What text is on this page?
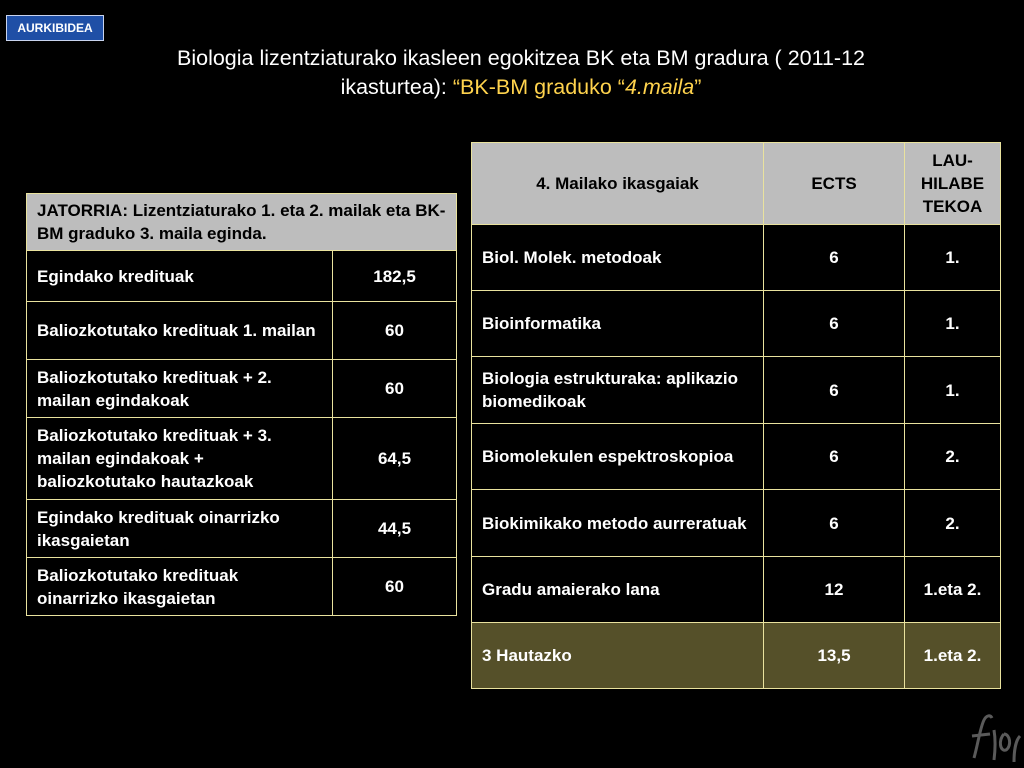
AURKIBIDEA
Biologia lizentziaturako ikasleen egokitzea BK eta BM gradura ( 2011-12
ikasturtea): “BK-BM graduko “4.maila”
JATORRIA: Lizentziaturako 1. eta 2. mailak eta BK-BM graduko 3. maila eginda.	
Egindako kredituak	182,5
Baliozkotutako kredituak 1. mailan	60
Baliozkotutako kredituak + 2. mailan egindakoak	60
Baliozkotutako kredituak + 3. mailan egindakoak + baliozkotutako hautazkoak	64,5
Egindako kredituak oinarrizko ikasgaietan	44,5
Baliozkotutako kredituak oinarrizko ikasgaietan	60
4. Mailako ikasgaiak	ECTS	LAU-HILABE TEKOA
Biol. Molek. metodoak	6	1.
Bioinformatika	6	1.
Biologia estrukturaka: aplikazio biomedikoak	6	1.
Biomolekulen espektroskopioa	6	2.
Biokimikako metodo aurreratuak	6	2.
Gradu amaierako lana	12	1.eta 2.
3 Hautazko	13,5	1.eta 2.
